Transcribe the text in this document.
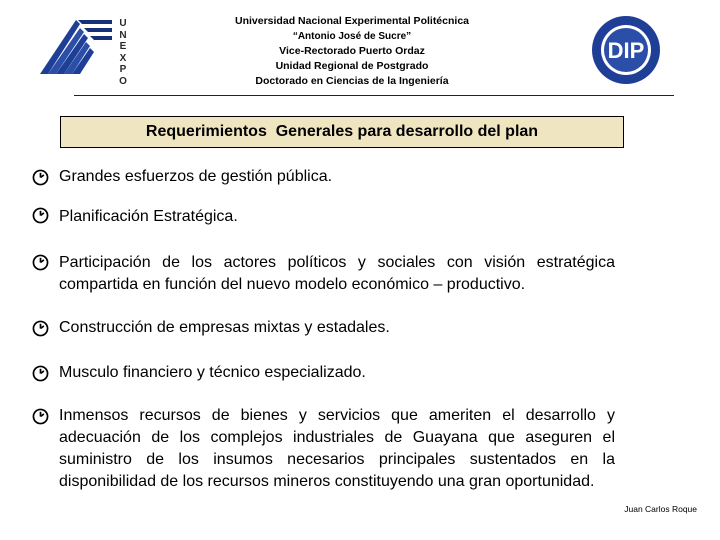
U
N
E
X
P
O
Universidad Nacional Experimental Politécnica
“Antonio José de Sucre”
Vice-Rectorado Puerto Ordaz
Unidad Regional de Postgrado
Doctorado en Ciencias de la Ingeniería
DIP
Requerimientos  Generales para desarrollo del plan
Grandes esfuerzos de gestión pública.
Planificación Estratégica.
Participación de los actores políticos y sociales con visión estratégica compartida en función del nuevo modelo económico – productivo.
Construcción de empresas mixtas y estadales.
Musculo financiero y técnico especializado.
Inmensos recursos de bienes y servicios que ameriten el desarrollo y adecuación de los complejos industriales de Guayana que aseguren el suministro de los insumos necesarios principales sustentados en la disponibilidad de los recursos mineros constituyendo una gran oportunidad.
Juan Carlos Roque
